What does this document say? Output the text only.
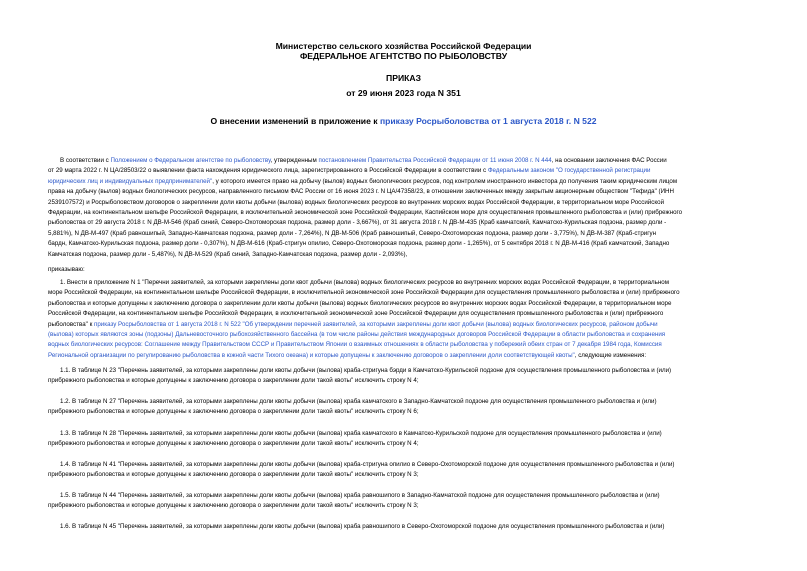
Министерство сельского хозяйства Российской Федерации
ФЕДЕРАЛЬНОЕ АГЕНТСТВО ПО РЫБОЛОВСТВУ
ПРИКАЗ
от 29 июня 2023 года N 351
О внесении изменений в приложение к приказу Росрыболовства от 1 августа 2018 г. N 522
В соответствии с Положением о Федеральном агентстве по рыболовству, утвержденным постановлением Правительства Российской Федерации от 11 июня 2008 г. N 444, на основании заключения ФАС России
от 29 марта 2022 г. N ЦА/28503/22 о выявлении факта нахождения юридического лица, зарегистрированного в Российской Федерации в соответствии с Федеральным законом "О государственной регистрации
юридических лиц и индивидуальных предпринимателей", у которого имеется право на добычу (вылов) водных биологических ресурсов, под контролем иностранного инвестора до получения таким юридическим лицом
права на добычу (вылов) водных биологических ресурсов, направленного письмом ФАС России от 16 июня 2023 г. N ЦА/47358/23, в отношении заключенных между закрытым акционерным обществом "Тефида" (ИНН
2539107572) и Росрыболовством договоров о закреплении доли квоты добычи (вылова) водных биологических ресурсов во внутренних морских водах Российской Федерации, в территориальном море Российской
Федерации, на континентальном шельфе Российской Федерации, в исключительной экономической зоне Российской Федерации, Каспийском море для осуществления промышленного рыболовства и (или) прибрежного
рыболовства от 29 августа 2018 г. N ДВ-М-546 (Краб синий, Северо-Охотоморская подзона, размер доли - 3,667%), от 31 августа 2018 г. N ДВ-М-435 (Краб камчатский, Камчатско-Курильская подзона, размер доли -
5,881%), N ДВ-М-497 (Краб равношипый, Западно-Камчатская подзона, размер доли - 7,264%), N ДВ-М-506 (Краб равношипый, Северо-Охотоморская подзона, размер доли - 3,775%), N ДВ-М-387 (Краб-стригун
бардн, Камчатско-Курильская подзона, размер доли - 0,307%), N ДВ-М-616 (Краб-стригун опилио, Северо-Охотоморская подзона, размер доли - 1,265%), от 5 сентября 2018 г. N ДВ-М-416 (Краб камчатский, Западно
Камчатская подзона, размер доли - 5,487%), N ДВ-М-529 (Краб синий, Западно-Камчатская подзона, размер доли - 2,093%),
приказываю:
1. Внести в приложение N 1 "Перечни заявителей, за которыми закреплены доли квот добычи (вылова) водных биологических ресурсов во внутренних морских водах Российской Федерации, в территориальном
море Российской Федерации, на континентальном шельфе Российской Федерации, в исключительной экономической зоне Российской Федерации для осуществления промышленного рыболовства и (или) прибрежного
рыболовства и которые допущены к заключению договора о закреплении доли квоты добычи (вылова) водных биологических ресурсов во внутренних морских водах Российской Федерации, в территориальном море
Российской Федерации, на континентальном шельфе Российской Федерации, в исключительной экономической зоне Российской Федерации для осуществления промышленного рыболовства и (или) прибрежного
рыболовства" к приказу Росрыболовства от 1 августа 2018 г. N 522 "Об утверждении перечней заявителей, за которыми закреплены доли квот добычи (вылова) водных биологических ресурсов, районом добычи
(вылова) которых являются зоны (подзоны) Дальневосточного рыбохозяйственного бассейна (в том числе районы действия международных договоров Российской Федерации в области рыболовства и сохранения
водных биологических ресурсов: Соглашение между Правительством СССР и Правительством Японии о взаимных отношениях в области рыболовства у побережий обеих стран от 7 декабря 1984 года, Комиссия
Региональной организации по регулированию рыболовства в южной части Тихого океана) и которые допущены к заключению договоров о закреплении доли соответствующей квоты", следующие изменения:
1.1. В таблице N 23 "Перечень заявителей, за которыми закреплены доли квоты добычи (вылова) краба-стригуна бэрди в Камчатско-Курильской подзоне для осуществления промышленного рыболовства и (или)
прибрежного рыболовства и которые допущены к заключению договора о закреплении доли такой квоты" исключить строку N 4;
1.2. В таблице N 27 "Перечень заявителей, за которыми закреплены доли квоты добычи (вылова) краба камчатского в Западно-Камчатской подзоне для осуществления промышленного рыболовства и (или)
прибрежного рыболовства и которые допущены к заключению договора о закреплении доли такой квоты" исключить строку N 6;
1.3. В таблице N 28 "Перечень заявителей, за которыми закреплены доли квоты добычи (вылова) краба камчатского в Камчатско-Курильской подзоне для осуществления промышленного рыболовства и (или)
прибрежного рыболовства и которые допущены к заключению договора о закреплении доли такой квоты" исключить строку N 4;
1.4. В таблице N 41 "Перечень заявителей, за которыми закреплены доли квоты добычи (вылова) краба-стригуна опилио в Северо-Охотоморской подзоне для осуществления промышленного рыболовства и (или)
прибрежного рыболовства и которые допущены к заключению договора о закреплении доли такой квоты" исключить строку N 3;
1.5. В таблице N 44 "Перечень заявителей, за которыми закреплены доли квоты добычи (вылова) краба равношипого в Западно-Камчатской подзоне для осуществления промышленного рыболовства и (или)
прибрежного рыболовства и которые допущены к заключению договора о закреплении доли такой квоты" исключить строку N 3;
1.6. В таблице N 45 "Перечень заявителей, за которыми закреплены доли квоты добычи (вылова) краба равношипого в Северо-Охотоморской подзоне для осуществления промышленного рыболовства и (или)
